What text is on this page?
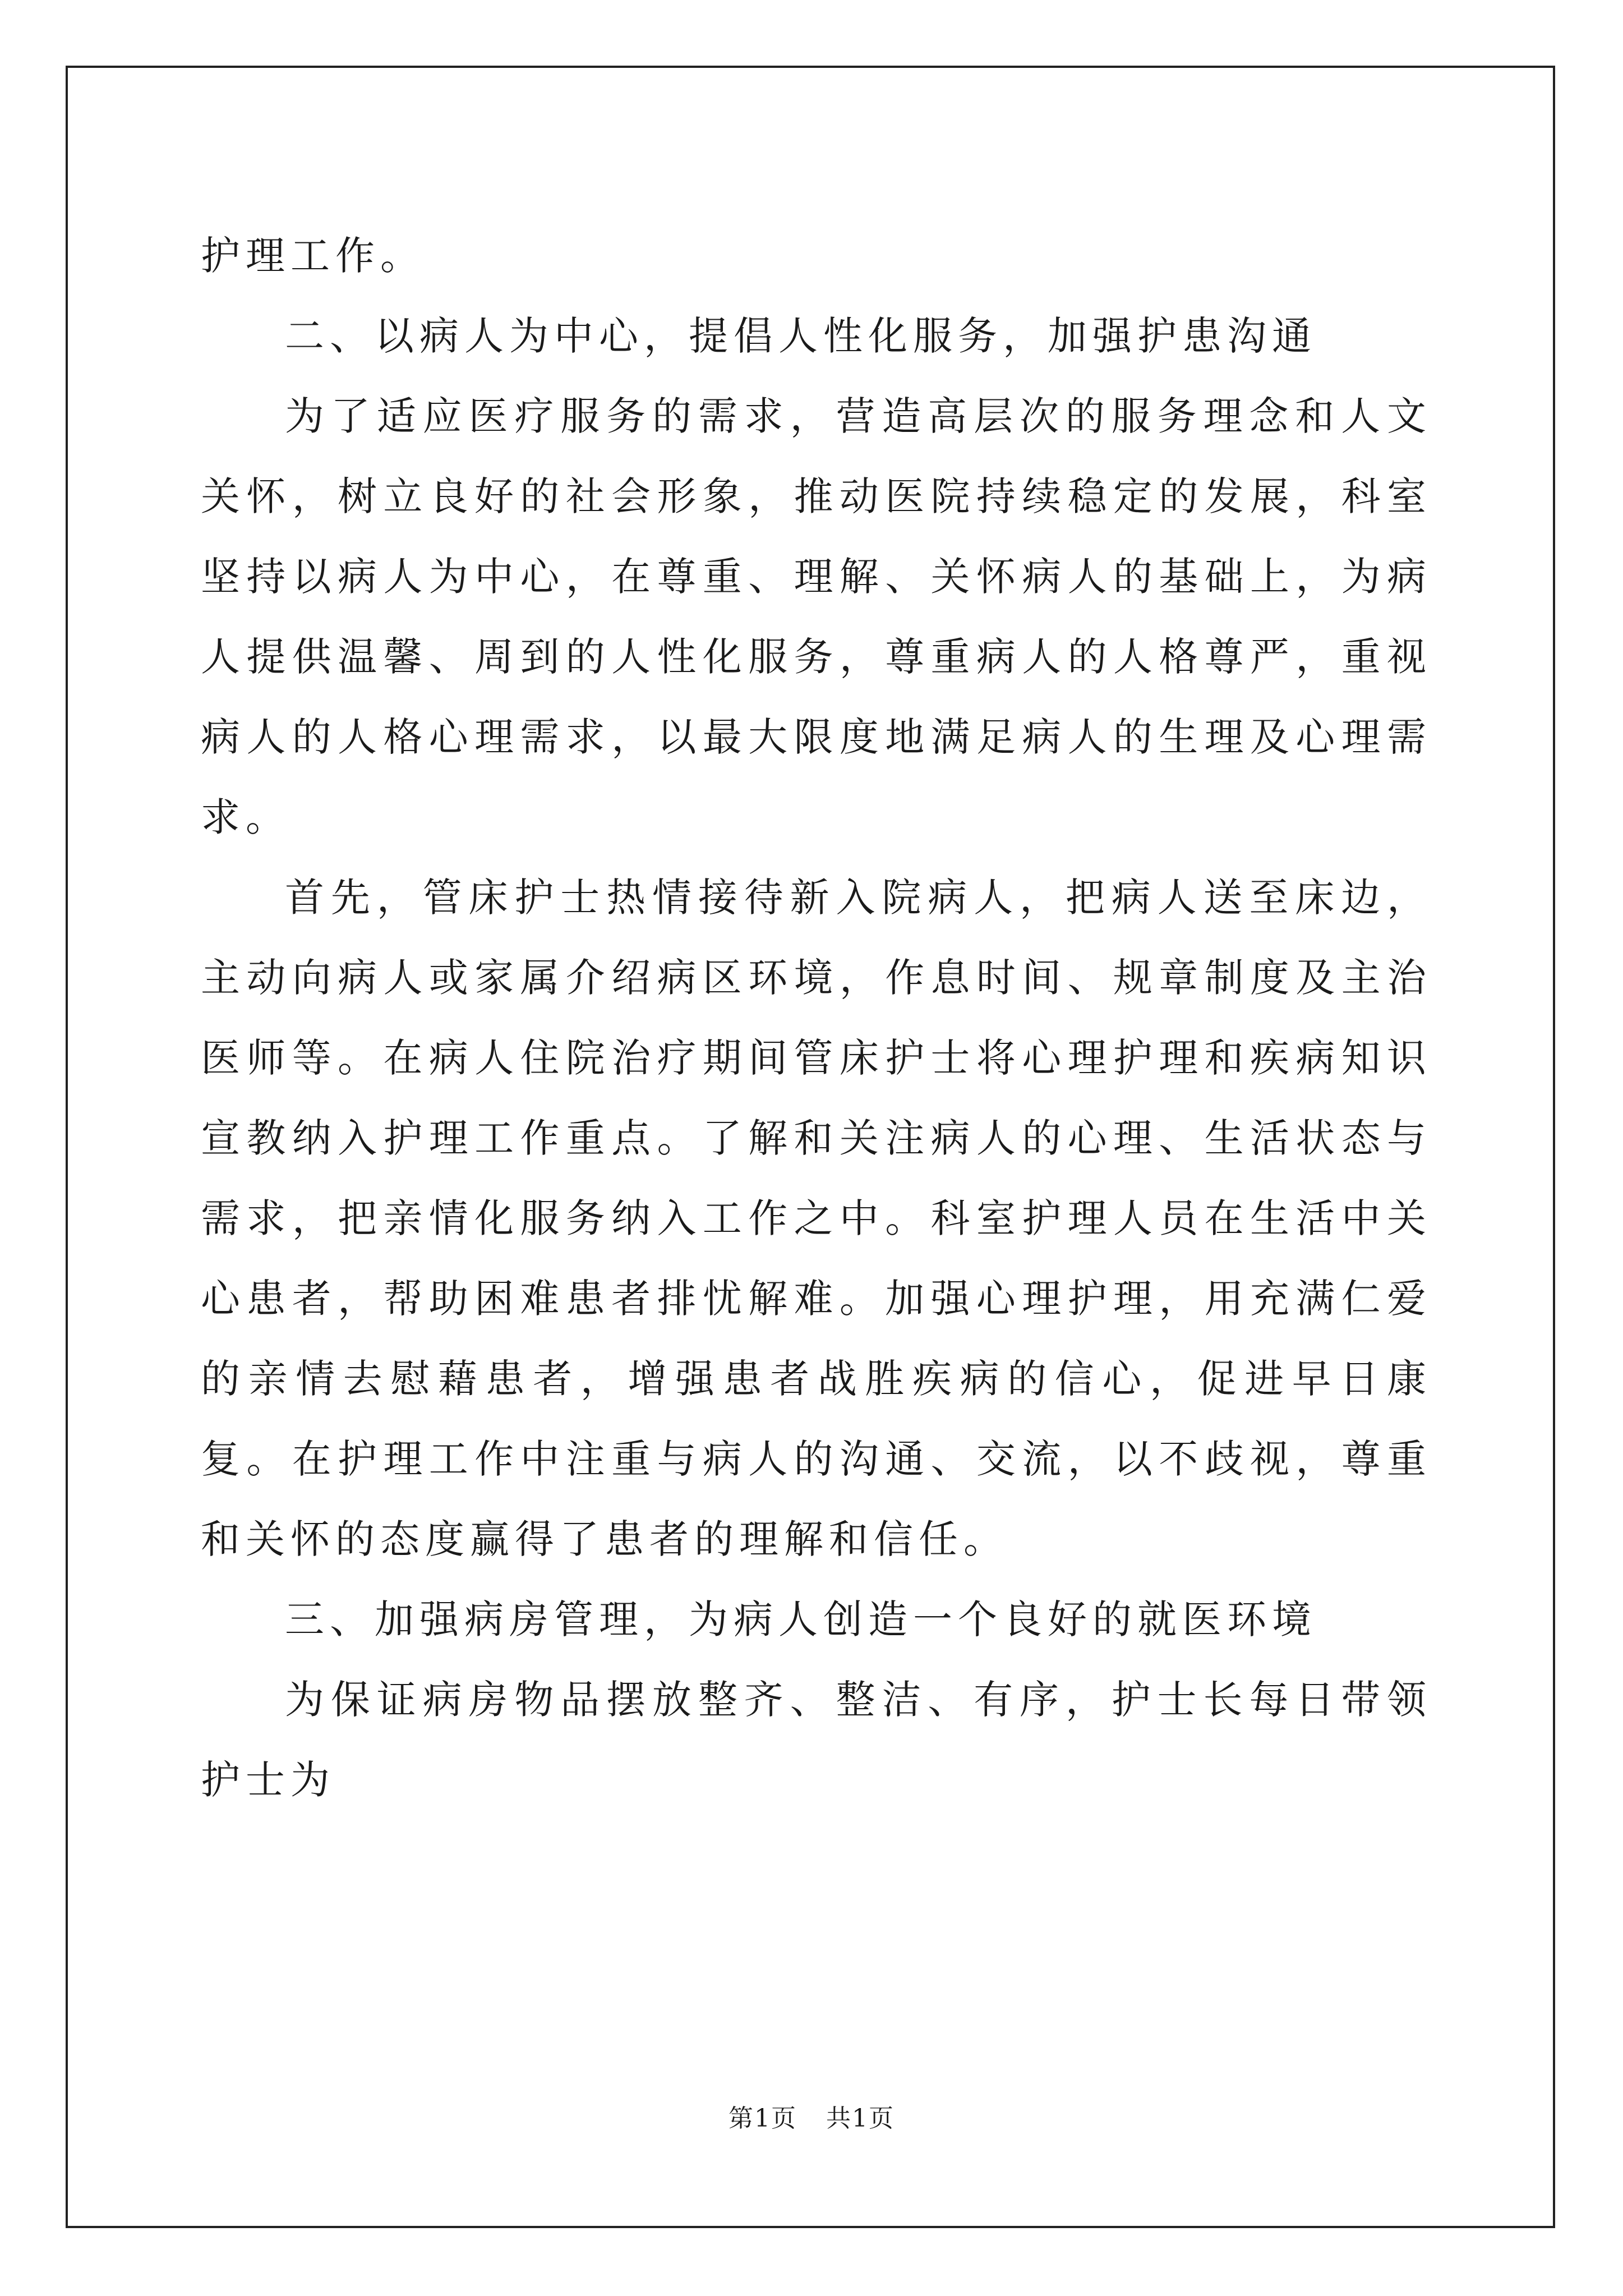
护理工作。

二、以病人为中心，提倡人性化服务，加强护患沟通

为了适应医疗服务的需求，营造高层次的服务理念和人文关怀，树立良好的社会形象，推动医院持续稳定的发展，科室坚持以病人为中心，在尊重、理解、关怀病人的基础上，为病人提供温馨、周到的人性化服务，尊重病人的人格尊严，重视病人的人格心理需求，以最大限度地满足病人的生理及心理需求。

首先，管床护士热情接待新入院病人，把病人送至床边，主动向病人或家属介绍病区环境，作息时间、规章制度及主治医师等。在病人住院治疗期间管床护士将心理护理和疾病知识宣教纳入护理工作重点。了解和关注病人的心理、生活状态与需求，把亲情化服务纳入工作之中。科室护理人员在生活中关心患者，帮助困难患者排忧解难。加强心理护理，用充满仁爱的亲情去慰藉患者，增强患者战胜疾病的信心，促进早日康复。在护理工作中注重与病人的沟通、交流，以不歧视，尊重和关怀的态度赢得了患者的理解和信任。

三、加强病房管理，为病人创造一个良好的就医环境

为保证病房物品摆放整齐、整洁、有序，护士长每日带领护士为

第1页 共1页
